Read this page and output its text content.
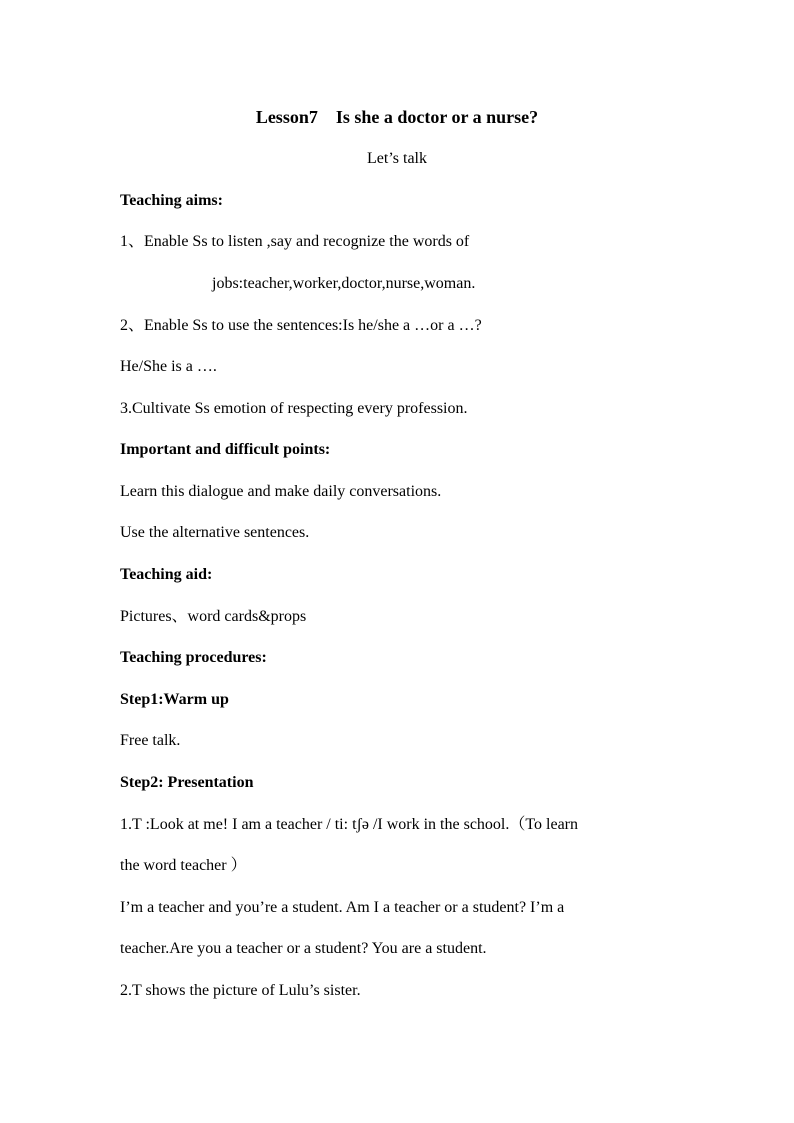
Lesson7    Is she a doctor or a nurse?
Let’s talk
Teaching aims:
1、Enable Ss to listen ,say and recognize the words of
jobs:teacher,worker,doctor,nurse,woman.
2、Enable Ss to use the sentences:Is he/she a …or a …?
He/She is a ….
3.Cultivate Ss emotion of respecting every profession.
Important and difficult points:
Learn this dialogue and make daily conversations.
Use the alternative sentences.
Teaching aid:
Pictures、word cards&props
Teaching procedures:
Step1:Warm up
Free talk.
Step2: Presentation
1.T :Look at me! I am a teacher / ti: tʃə /I work in the school.（To learn
the word teacher ）
I’m a teacher and you’re a student. Am I a teacher or a student? I’m a
teacher.Are you a teacher or a student? You are a student.
2.T shows the picture of Lulu’s sister.
